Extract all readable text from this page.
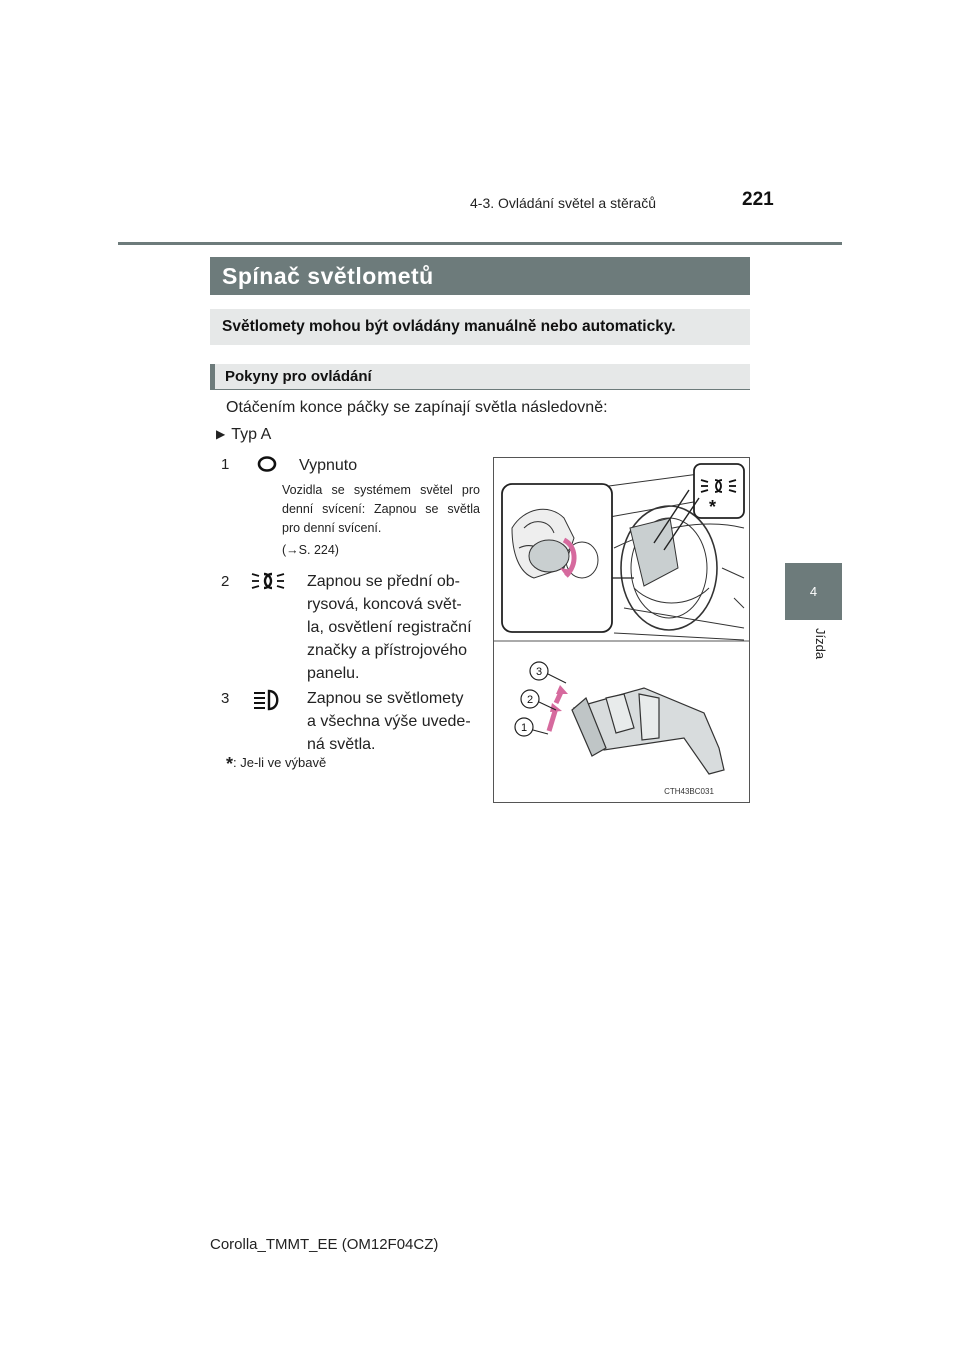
4-3. Ovládání světel a stěračů	221
4
Jízda
Spínač světlometů
Světlomety mohou být ovládány manuálně nebo automaticky.
Pokyny pro ovládání
Otáčením konce páčky se zapínají světla následovně:
▶ Typ A
1	Vypnuto
Vozidla se systémem světel pro denní svícení: Zapnou se světla pro denní svícení.
(→S. 224)
2	Zapnou se přední ob-
rysová, koncová svět-
la, osvětlení registrační
značky a přístrojového
panelu.
3	Zapnou se světlomety
a všechna výše uvede-
ná světla.
*: Je-li ve výbavě
*
3
2
1
CTH43BC031
Corolla_TMMT_EE (OM12F04CZ)
